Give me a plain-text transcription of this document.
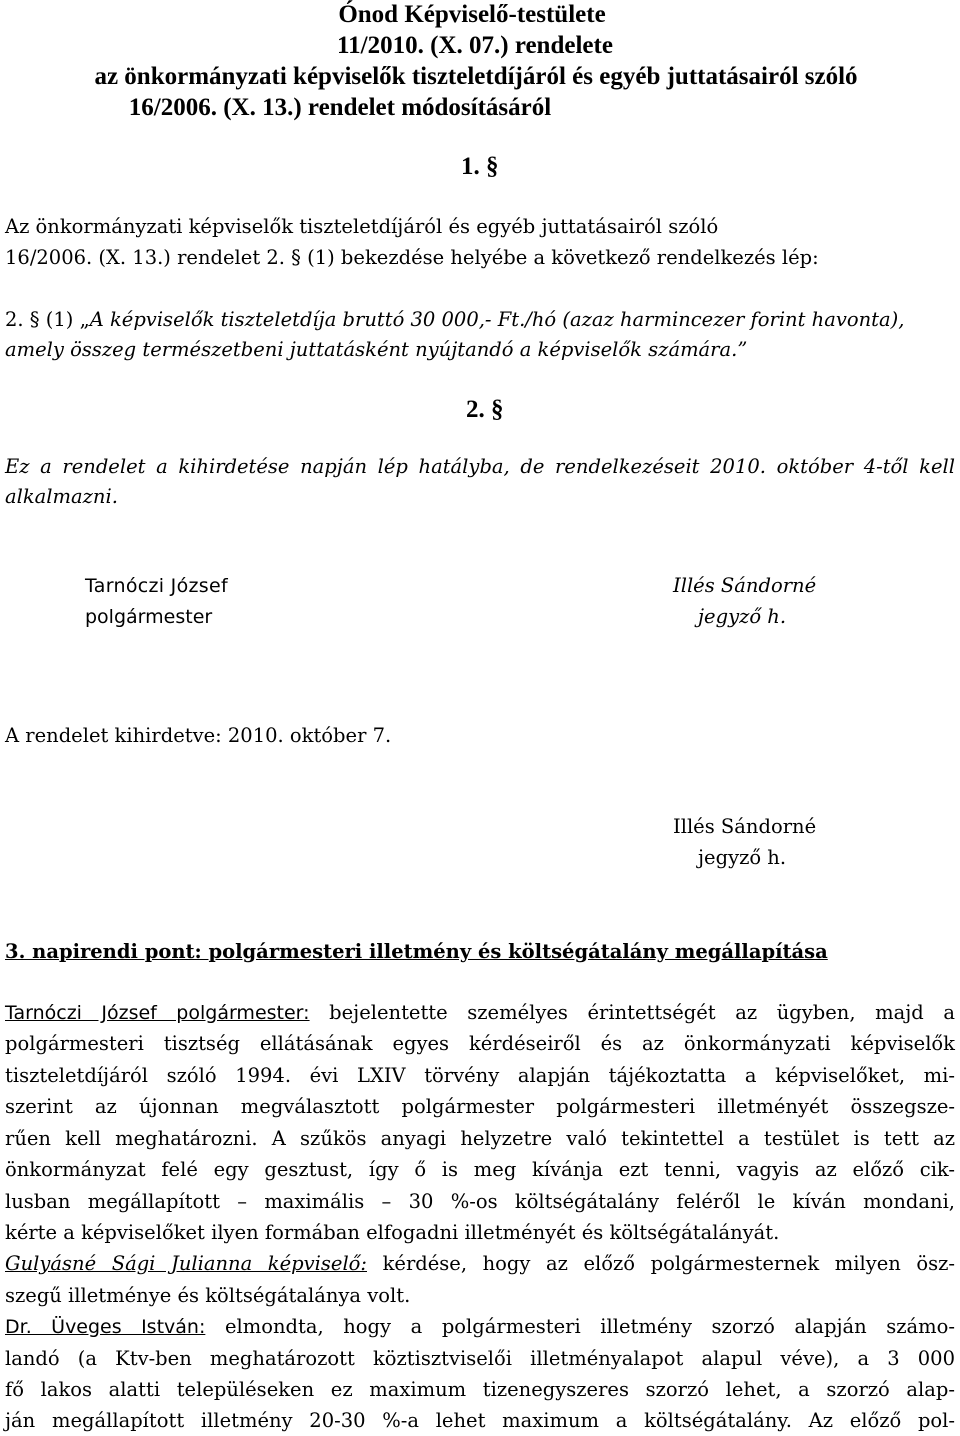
Ónod Képviselő-testülete
11/2010. (X. 07.) rendelete
az önkormányzati képviselők tiszteletdíjáról és egyéb juttatásairól szóló
16/2006. (X. 13.) rendelet módosításáról
1. §
Az önkormányzati képviselők tiszteletdíjáról és egyéb juttatásairól szóló
16/2006. (X. 13.) rendelet 2. § (1) bekezdése helyébe a következő rendelkezés lép:
2. § (1) „A képviselők tiszteletdíja bruttó 30 000,- Ft./hó (azaz harmincezer forint havonta),
amely összeg természetbeni juttatásként nyújtandó a képviselők számára.”
2. §
Ez a rendelet a kihirdetése napján lép hatályba, de rendelkezéseit 2010. október 4-től kell
alkalmazni.
Tarnóczi József
polgármester
Illés Sándorné
jegyző h.
A rendelet kihirdetve: 2010. október 7.
Illés Sándorné
jegyző h.
3. napirendi pont: polgármesteri illetmény és költségátalány megállapítása
Tarnóczi József polgármester: bejelentette személyes érintettségét az ügyben, majd a
polgármesteri tisztség ellátásának egyes kérdéseiről és az önkormányzati képviselők
tiszteletdíjáról szóló 1994. évi LXIV törvény alapján tájékoztatta a képviselőket, mi-
szerint az újonnan megválasztott polgármester polgármesteri illetményét összegsze-
rűen kell meghatározni. A szűkös anyagi helyzetre való tekintettel a testület is tett az
önkormányzat felé egy gesztust, így ő is meg kívánja ezt tenni, vagyis az előző cik-
lusban megállapított – maximális – 30 %-os költségátalány feléről le kíván mondani,
kérte a képviselőket ilyen formában elfogadni illetményét és költségátalányát.
Gulyásné Sági Julianna képviselő: kérdése, hogy az előző polgármesternek milyen ösz-
szegű illetménye és költségátalánya volt.
Dr. Üveges István: elmondta, hogy a polgármesteri illetmény szorzó alapján számo-
landó (a Ktv-ben meghatározott köztisztviselői illetményalapot alapul véve), a 3 000
fő lakos alatti településeken ez maximum tizenegyszeres szorzó lehet, a szorzó alap-
ján megállapított illetmény 20-30 %-a lehet maximum a költségátalány. Az előző pol-
